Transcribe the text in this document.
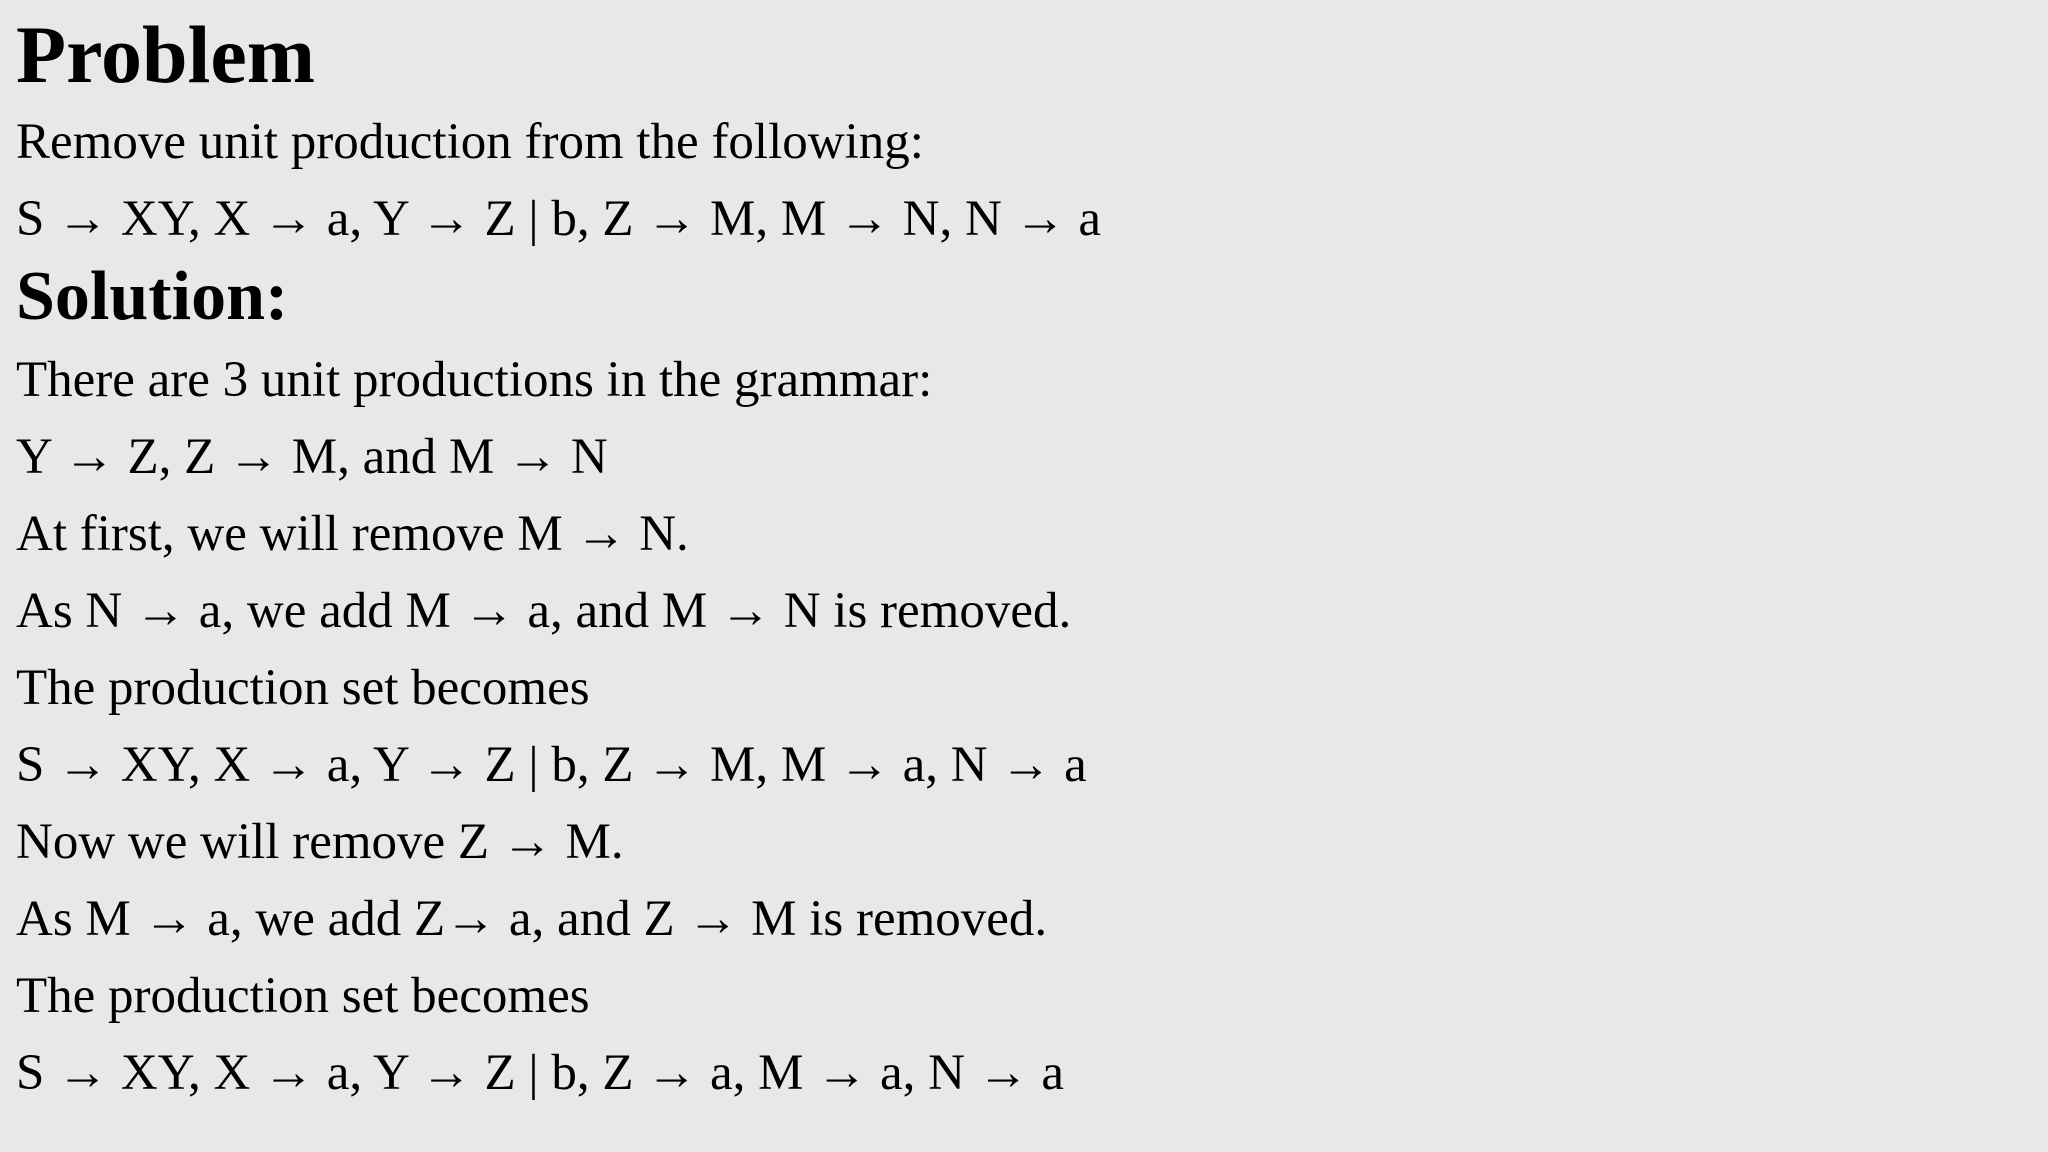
Problem

Remove unit production from the following:

S → XY, X → a, Y → Z | b, Z → M, M → N, N → a

Solution:

There are 3 unit productions in the grammar:

Y → Z, Z → M, and M → N

At first, we will remove M → N.

As N → a, we add M → a, and M → N is removed.

The production set becomes

S → XY, X → a, Y → Z | b, Z → M, M → a, N → a

Now we will remove Z → M.

As M → a, we add Z→ a, and Z → M is removed.

The production set becomes

S → XY, X → a, Y → Z | b, Z → a, M → a, N → a
